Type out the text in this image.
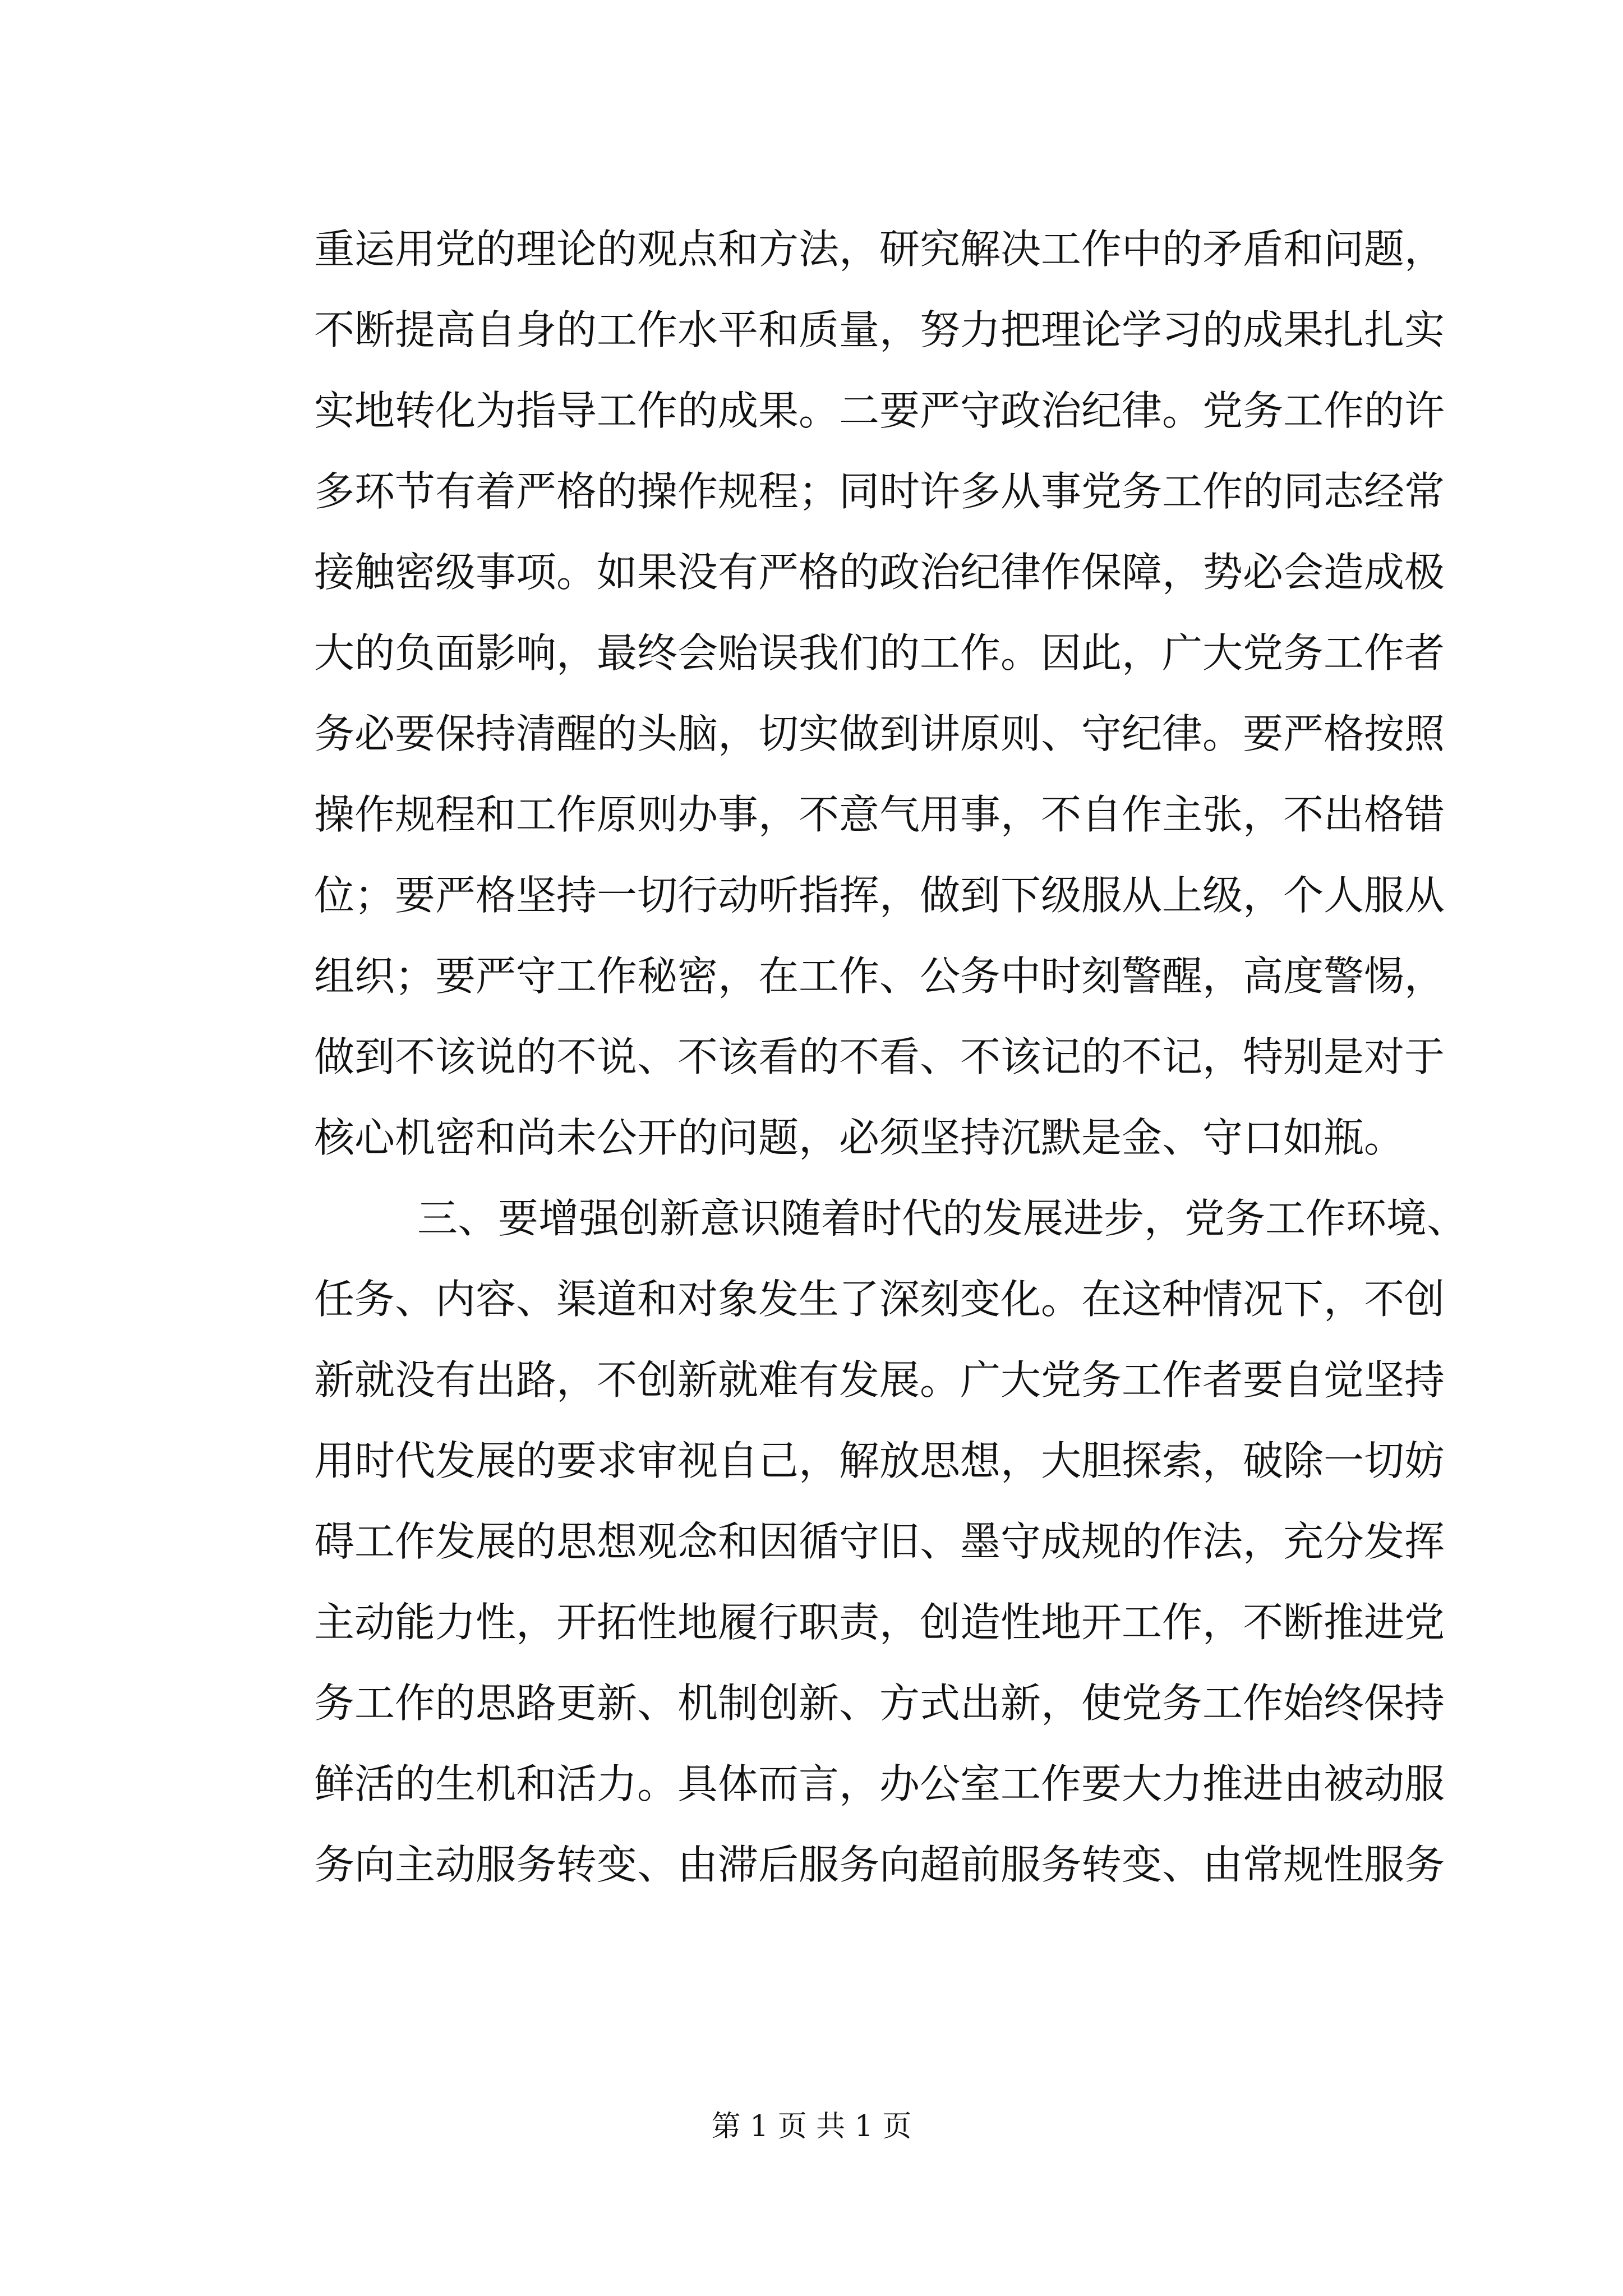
重运用党的理论的观点和方法，研究解决工作中的矛盾和问题，
不断提高自身的工作水平和质量，努力把理论学习的成果扎扎实
实地转化为指导工作的成果。二要严守政治纪律。党务工作的许
多环节有着严格的操作规程；同时许多从事党务工作的同志经常
接触密级事项。如果没有严格的政治纪律作保障，势必会造成极
大的负面影响，最终会贻误我们的工作。因此，广大党务工作者
务必要保持清醒的头脑，切实做到讲原则、守纪律。要严格按照
操作规程和工作原则办事，不意气用事，不自作主张，不出格错
位；要严格坚持一切行动听指挥，做到下级服从上级，个人服从
组织；要严守工作秘密，在工作、公务中时刻警醒，高度警惕，
做到不该说的不说、不该看的不看、不该记的不记，特别是对于
核心机密和尚未公开的问题，必须坚持沉默是金、守口如瓶。
三、要增强创新意识随着时代的发展进步，党务工作环境、
任务、内容、渠道和对象发生了深刻变化。在这种情况下，不创
新就没有出路，不创新就难有发展。广大党务工作者要自觉坚持
用时代发展的要求审视自己，解放思想，大胆探索，破除一切妨
碍工作发展的思想观念和因循守旧、墨守成规的作法，充分发挥
主动能力性，开拓性地履行职责，创造性地开工作，不断推进党
务工作的思路更新、机制创新、方式出新，使党务工作始终保持
鲜活的生机和活力。具体而言，办公室工作要大力推进由被动服
务向主动服务转变、由滞后服务向超前服务转变、由常规性服务
第 1 页 共 1 页
